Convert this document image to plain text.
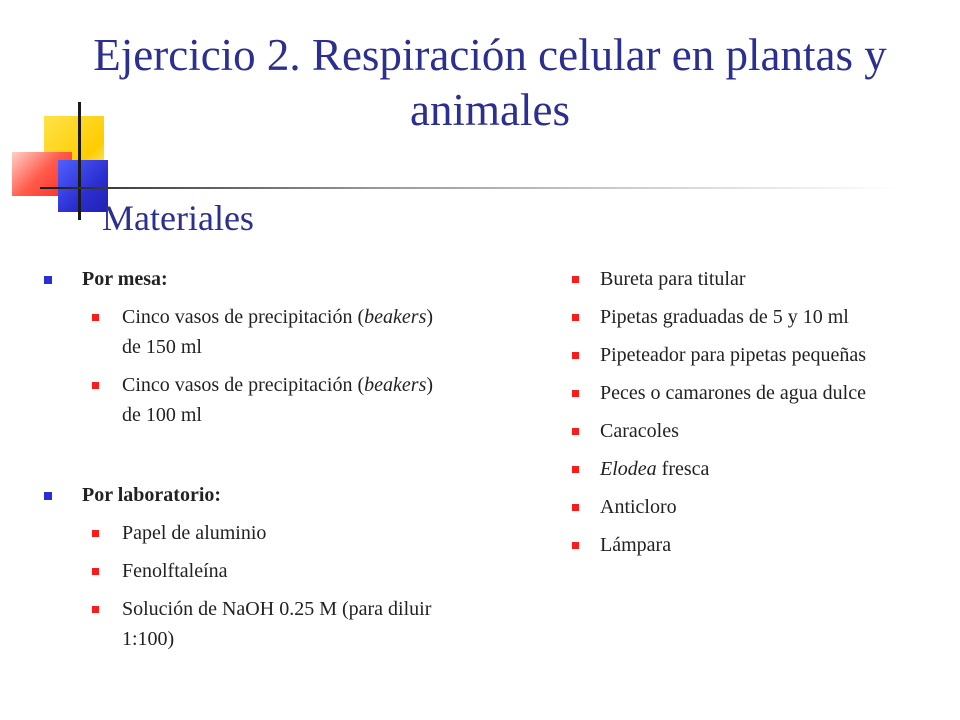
Ejercicio 2. Respiración celular en plantas y animales
Materiales
Por mesa:
Cinco vasos de precipitación (beakers) de 150 ml
Cinco vasos de precipitación (beakers) de 100 ml
Por laboratorio:
Papel de aluminio
Fenolftaleína
Solución de NaOH 0.25 M (para diluir 1:100)
Bureta para titular
Pipetas graduadas de 5 y 10 ml
Pipeteador para pipetas pequeñas
Peces o camarones de agua dulce
Caracoles
Elodea fresca
Anticloro
Lámpara
